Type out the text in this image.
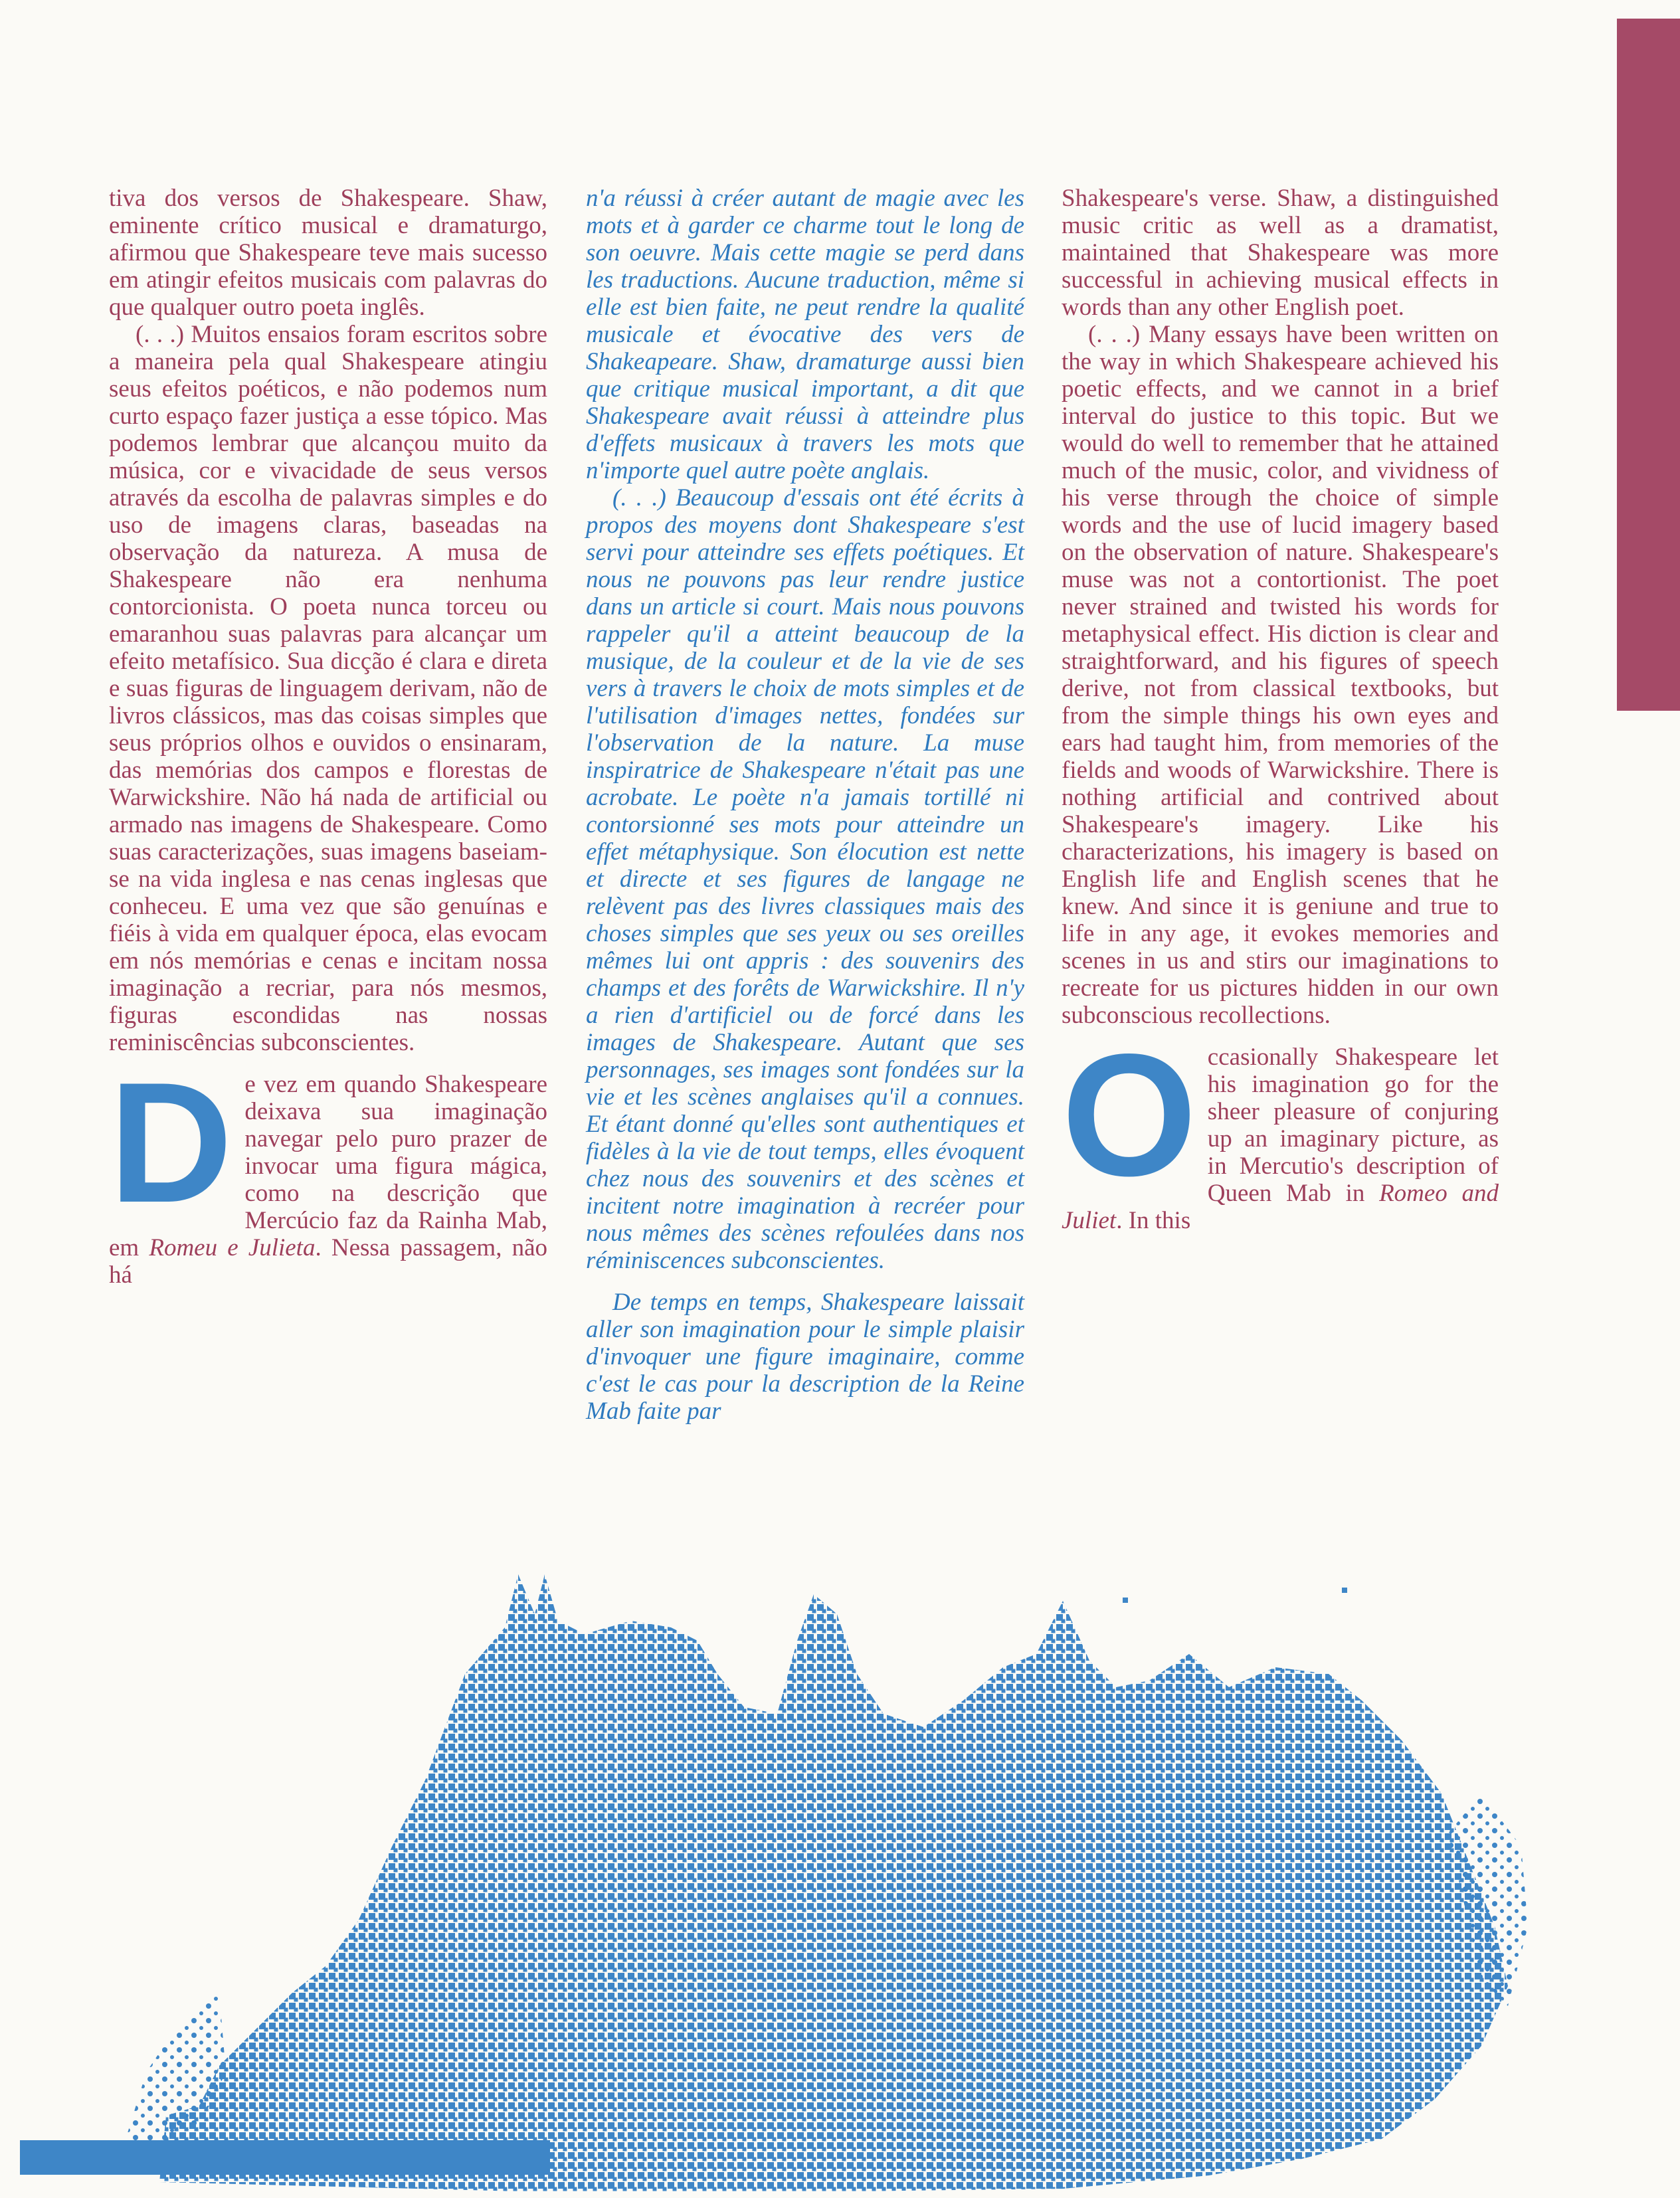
tiva dos versos de Shakespeare. Shaw, eminente crítico musical e dramaturgo, afirmou que Shakespeare teve mais sucesso em atingir efeitos musicais com palavras do que qualquer outro poeta inglês.

(. . .) Muitos ensaios foram escritos sobre a maneira pela qual Shakespeare atingiu seus efeitos poéticos, e não podemos num curto espaço fazer justiça a esse tópico. Mas podemos lembrar que alcançou muito da música, cor e vivacidade de seus versos através da escolha de palavras simples e do uso de imagens claras, baseadas na observação da natureza. A musa de Shakespeare não era nenhuma contorcionista. O poeta nunca torceu ou emaranhou suas palavras para alcançar um efeito metafísico. Sua dicção é clara e direta e suas figuras de linguagem derivam, não de livros clássicos, mas das coisas simples que seus próprios olhos e ouvidos o ensinaram, das memórias dos campos e florestas de Warwickshire. Não há nada de artificial ou armado nas imagens de Shakespeare. Como suas caracterizações, suas imagens baseiam-se na vida inglesa e nas cenas inglesas que conheceu. E uma vez que são genuínas e fiéis à vida em qualquer época, elas evocam em nós memórias e cenas e incitam nossa imaginação a recriar, para nós mesmos, figuras escondidas nas nossas reminiscências subconscientes.

De vez em quando Shakespeare deixava sua imaginação navegar pelo puro prazer de invocar uma figura mágica, como na descrição que Mercúcio faz da Rainha Mab, em Romeu e Julieta. Nessa passagem, não há

n'a réussi à créer autant de magie avec les mots et à garder ce charme tout le long de son oeuvre. Mais cette magie se perd dans les traductions. Aucune traduction, même si elle est bien faite, ne peut rendre la qualité musicale et évocative des vers de Shakeapeare. Shaw, dramaturge aussi bien que critique musical important, a dit que Shakespeare avait réussi à atteindre plus d'effets musicaux à travers les mots que n'importe quel autre poète anglais.

(. . .) Beaucoup d'essais ont été écrits à propos des moyens dont Shakespeare s'est servi pour atteindre ses effets poétiques. Et nous ne pouvons pas leur rendre justice dans un article si court. Mais nous pouvons rappeler qu'il a atteint beaucoup de la musique, de la couleur et de la vie de ses vers à travers le choix de mots simples et de l'utilisation d'images nettes, fondées sur l'observation de la nature. La muse inspiratrice de Shakespeare n'était pas une acrobate. Le poète n'a jamais tortillé ni contorsionné ses mots pour atteindre un effet métaphysique. Son élocution est nette et directe et ses figures de langage ne relèvent pas des livres classiques mais des choses simples que ses yeux ou ses oreilles mêmes lui ont appris : des souvenirs des champs et des forêts de Warwickshire. Il n'y a rien d'artificiel ou de forcé dans les images de Shakespeare. Autant que ses personnages, ses images sont fondées sur la vie et les scènes anglaises qu'il a connues. Et étant donné qu'elles sont authentiques et fidèles à la vie de tout temps, elles évoquent chez nous des souvenirs et des scènes et incitent notre imagination à recréer pour nous mêmes des scènes refoulées dans nos réminiscences subconscientes.

De temps en temps, Shakespeare laissait aller son imagination pour le simple plaisir d'invoquer une figure imaginaire, comme c'est le cas pour la description de la Reine Mab faite par

Shakespeare's verse. Shaw, a distinguished music critic as well as a dramatist, maintained that Shakespeare was more successful in achieving musical effects in words than any other English poet.

(. . .) Many essays have been written on the way in which Shakespeare achieved his poetic effects, and we cannot in a brief interval do justice to this topic. But we would do well to remember that he attained much of the music, color, and vividness of his verse through the choice of simple words and the use of lucid imagery based on the observation of nature. Shakespeare's muse was not a contortionist. The poet never strained and twisted his words for metaphysical effect. His diction is clear and straightforward, and his figures of speech derive, not from classical textbooks, but from the simple things his own eyes and ears had taught him, from memories of the fields and woods of Warwickshire. There is nothing artificial and contrived about Shakespeare's imagery. Like his characterizations, his imagery is based on English life and English scenes that he knew. And since it is geniune and true to life in any age, it evokes memories and scenes in us and stirs our imaginations to recreate for us pictures hidden in our own subconscious recollections.

Occasionally Shakespeare let his imagination go for the sheer pleasure of conjuring up an imaginary picture, as in Mercutio's description of Queen Mab in Romeo and Juliet. In this
